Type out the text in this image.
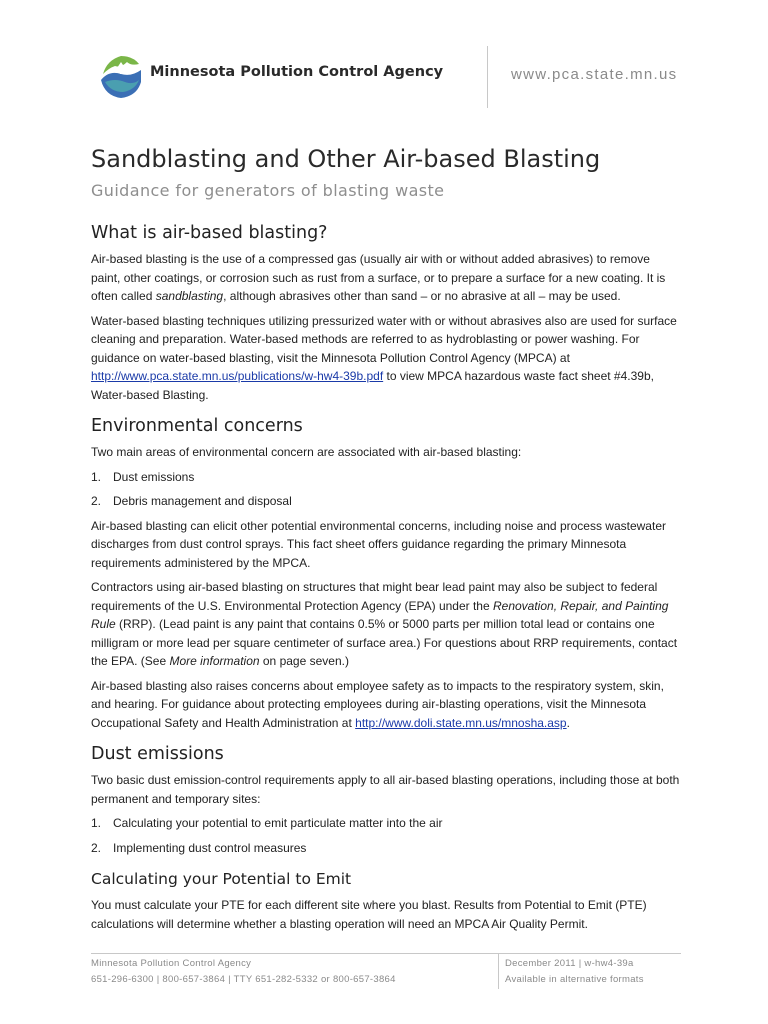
Minnesota Pollution Control Agency	www.pca.state.mn.us
Sandblasting and Other Air-based Blasting
Guidance for generators of blasting waste
What is air-based blasting?

Air-based blasting is the use of a compressed gas (usually air with or without added abrasives) to remove paint, other coatings, or corrosion such as rust from a surface, or to prepare a surface for a new coating. It is often called sandblasting, although abrasives other than sand – or no abrasive at all – may be used.

Water-based blasting techniques utilizing pressurized water with or without abrasives also are used for surface cleaning and preparation. Water-based methods are referred to as hydroblasting or power washing. For guidance on water-based blasting, visit the Minnesota Pollution Control Agency (MPCA) at http://www.pca.state.mn.us/publications/w-hw4-39b.pdf to view MPCA hazardous waste fact sheet #4.39b, Water-based Blasting.

Environmental concerns

Two main areas of environmental concern are associated with air-based blasting:

1. Dust emissions
2. Debris management and disposal

Air-based blasting can elicit other potential environmental concerns, including noise and process wastewater discharges from dust control sprays. This fact sheet offers guidance regarding the primary Minnesota requirements administered by the MPCA.

Contractors using air-based blasting on structures that might bear lead paint may also be subject to federal requirements of the U.S. Environmental Protection Agency (EPA) under the Renovation, Repair, and Painting Rule (RRP). (Lead paint is any paint that contains 0.5% or 5000 parts per million total lead or contains one milligram or more lead per square centimeter of surface area.) For questions about RRP requirements, contact the EPA. (See More information on page seven.)

Air-based blasting also raises concerns about employee safety as to impacts to the respiratory system, skin, and hearing. For guidance about protecting employees during air-blasting operations, visit the Minnesota Occupational Safety and Health Administration at http://www.doli.state.mn.us/mnosha.asp.

Dust emissions

Two basic dust emission-control requirements apply to all air-based blasting operations, including those at both permanent and temporary sites:

1. Calculating your potential to emit particulate matter into the air
2. Implementing dust control measures
Calculating your Potential to Emit

You must calculate your PTE for each different site where you blast. Results from Potential to Emit (PTE) calculations will determine whether a blasting operation will need an MPCA Air Quality Permit.

Minnesota Pollution Control Agency
651-296-6300 | 800-657-3864 | TTY 651-282-5332 or 800-657-3864
December 2011 | w-hw4-39a
Available in alternative formats
